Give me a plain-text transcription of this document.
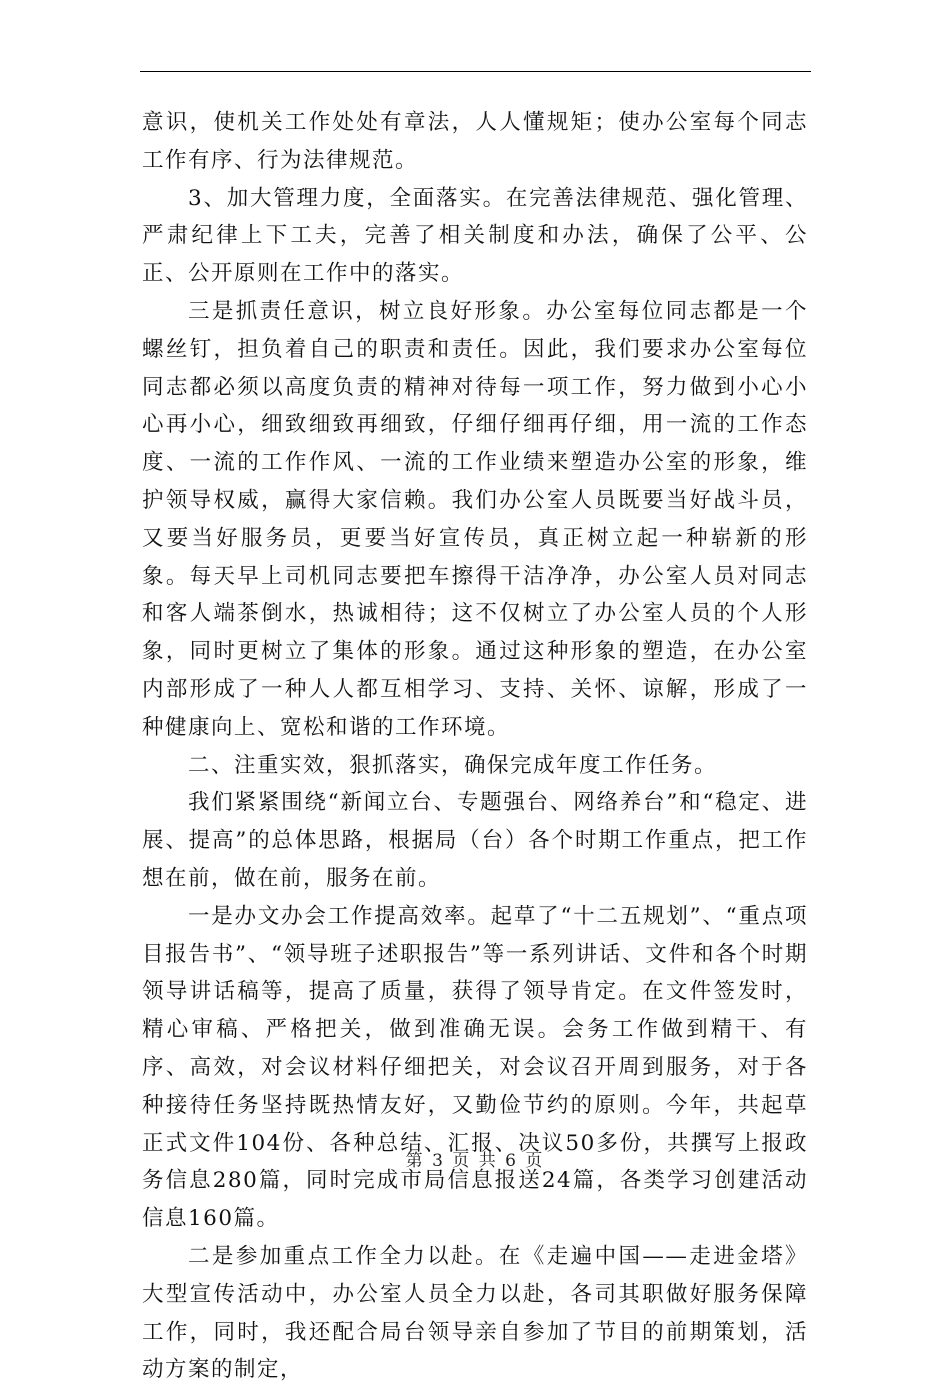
意识，使机关工作处处有章法，人人懂规矩；使办公室每个同志工作有序、行为法律规范。

3、加大管理力度，全面落实。在完善法律规范、强化管理、严肃纪律上下工夫，完善了相关制度和办法，确保了公平、公正、公开原则在工作中的落实。

三是抓责任意识，树立良好形象。办公室每位同志都是一个螺丝钉，担负着自己的职责和责任。因此，我们要求办公室每位同志都必须以高度负责的精神对待每一项工作，努力做到小心小心再小心，细致细致再细致，仔细仔细再仔细，用一流的工作态度、一流的工作作风、一流的工作业绩来塑造办公室的形象，维护领导权威，赢得大家信赖。我们办公室人员既要当好战斗员，又要当好服务员，更要当好宣传员，真正树立起一种崭新的形象。每天早上司机同志要把车擦得干洁净净，办公室人员对同志和客人端茶倒水，热诚相待；这不仅树立了办公室人员的个人形象，同时更树立了集体的形象。通过这种形象的塑造，在办公室内部形成了一种人人都互相学习、支持、关怀、谅解，形成了一种健康向上、宽松和谐的工作环境。

二、注重实效，狠抓落实，确保完成年度工作任务。

我们紧紧围绕“新闻立台、专题强台、网络养台”和“稳定、进展、提高”的总体思路，根据局（台）各个时期工作重点，把工作想在前，做在前，服务在前。

一是办文办会工作提高效率。起草了“十二五规划”、“重点项目报告书”、“领导班子述职报告”等一系列讲话、文件和各个时期领导讲话稿等，提高了质量，获得了领导肯定。在文件签发时，精心审稿、严格把关，做到准确无误。会务工作做到精干、有序、高效，对会议材料仔细把关，对会议召开周到服务，对于各种接待任务坚持既热情友好，又勤俭节约的原则。今年，共起草正式文件104份、各种总结、汇报、决议50多份，共撰写上报政务信息280篇，同时完成市局信息报送24篇，各类学习创建活动信息160篇。

二是参加重点工作全力以赴。在《走遍中国——走进金塔》大型宣传活动中，办公室人员全力以赴，各司其职做好服务保障工作，同时，我还配合局台领导亲自参加了节目的前期策划，活动方案的制定，

第 3 页 共 6 页
